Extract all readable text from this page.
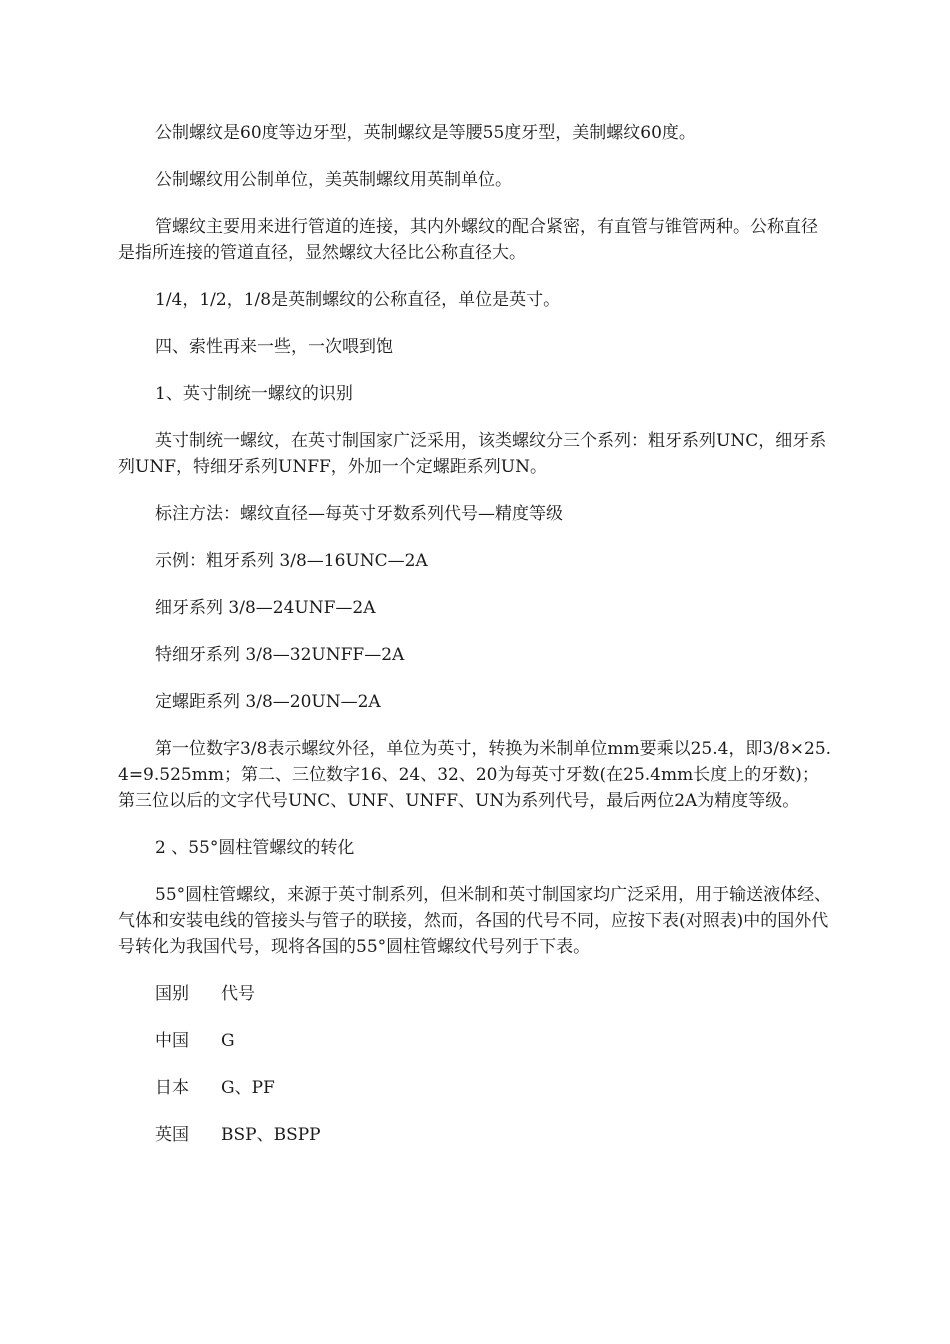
公制螺纹是60度等边牙型，英制螺纹是等腰55度牙型，美制螺纹60度。

公制螺纹用公制单位，美英制螺纹用英制单位。

管螺纹主要用来进行管道的连接，其内外螺纹的配合紧密，有直管与锥管两种。公称直径是指所连接的管道直径，显然螺纹大径比公称直径大。

1/4，1/2，1/8是英制螺纹的公称直径，单位是英寸。

四、索性再来一些，一次喂到饱

1、英寸制统一螺纹的识别

英寸制统一螺纹，在英寸制国家广泛采用，该类螺纹分三个系列：粗牙系列UNC，细牙系列UNF，特细牙系列UNFF，外加一个定螺距系列UN。

标注方法：螺纹直径—每英寸牙数系列代号—精度等级

示例：粗牙系列 3/8—16UNC—2A

细牙系列 3/8—24UNF—2A

特细牙系列 3/8—32UNFF—2A

定螺距系列 3/8—20UN—2A

第一位数字3/8表示螺纹外径，单位为英寸，转换为米制单位mm要乘以25.4，即3/8×25.4=9.525mm；第二、三位数字16、24、32、20为每英寸牙数(在25.4mm长度上的牙数)；第三位以后的文字代号UNC、UNF、UNFF、UN为系列代号，最后两位2A为精度等级。

2 、55°圆柱管螺纹的转化

55°圆柱管螺纹，来源于英寸制系列，但米制和英寸制国家均广泛采用，用于输送液体经、气体和安装电线的管接头与管子的联接，然而，各国的代号不同，应按下表(对照表)中的国外代号转化为我国代号，现将各国的55°圆柱管螺纹代号列于下表。

国别 代号
中国 G
日本 G、PF
英国 BSP、BSPP
